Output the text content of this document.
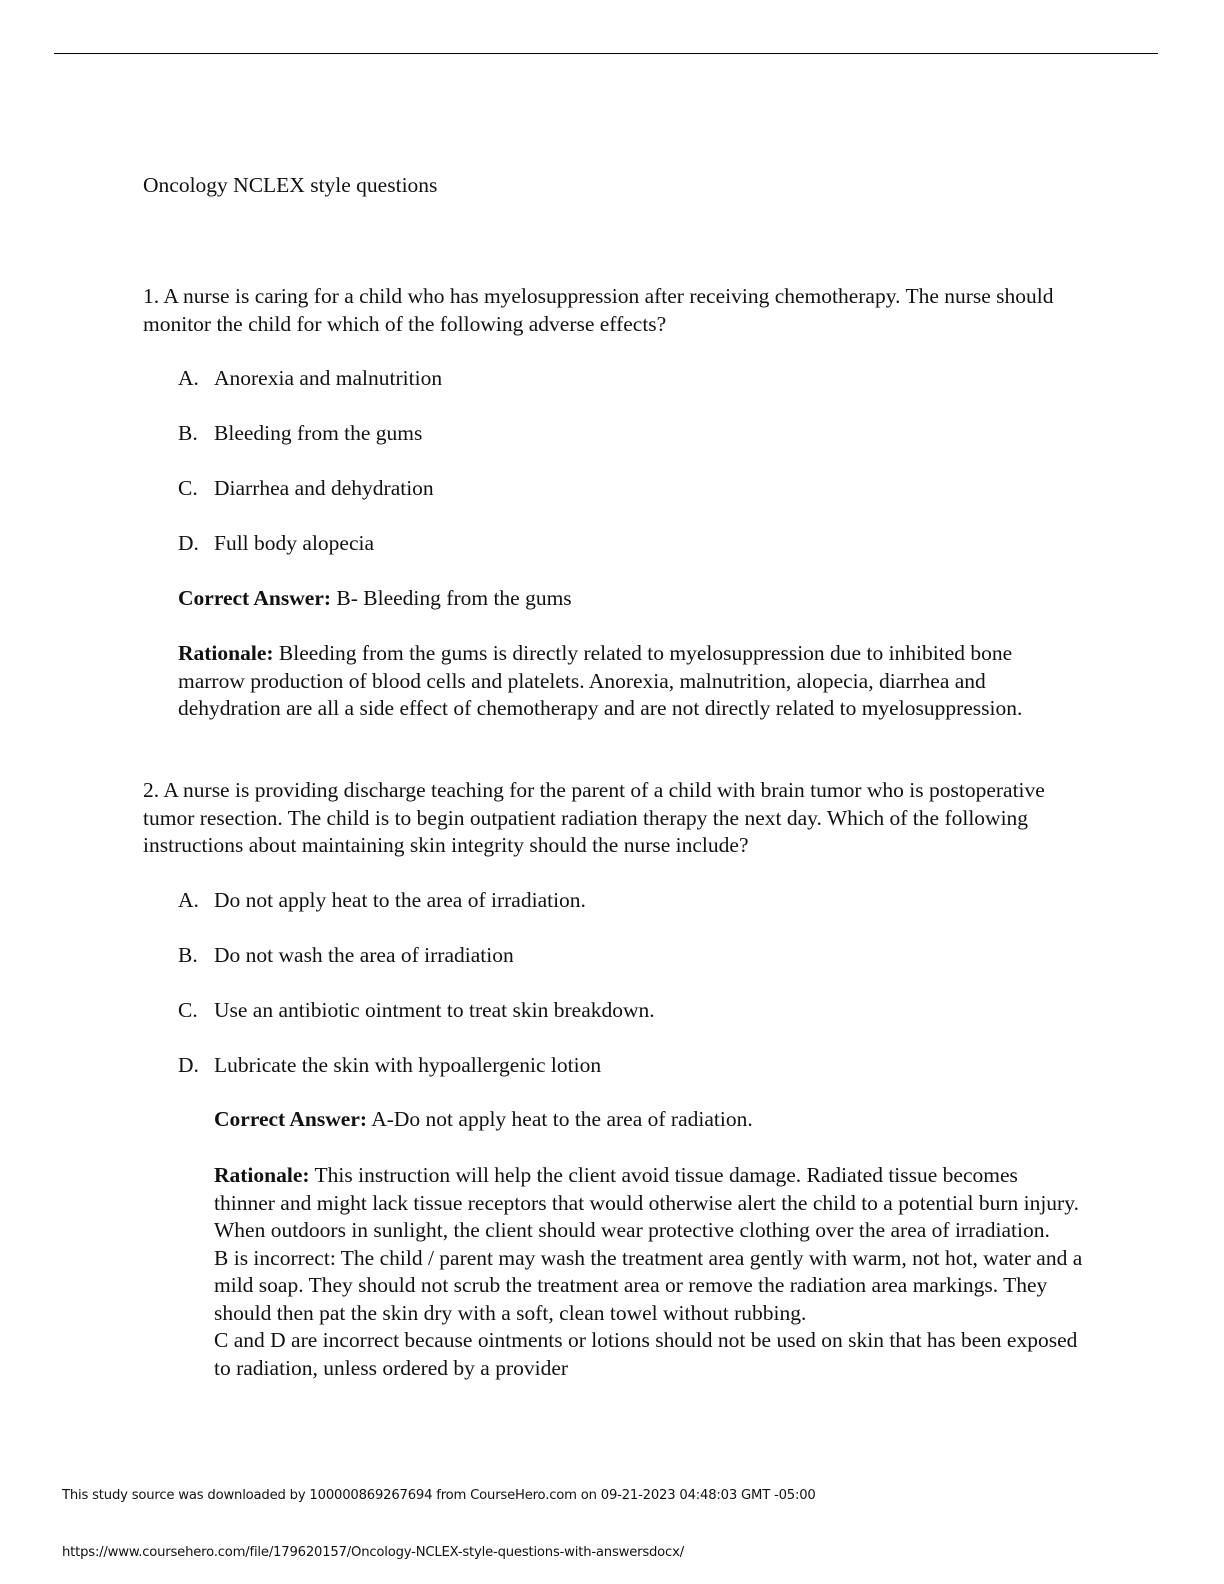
Oncology NCLEX style questions

1. A nurse is caring for a child who has myelosuppression after receiving chemotherapy. The nurse should monitor the child for which of the following adverse effects?

A. Anorexia and malnutrition
B. Bleeding from the gums
C. Diarrhea and dehydration
D. Full body alopecia

Correct Answer: B- Bleeding from the gums

Rationale: Bleeding from the gums is directly related to myelosuppression due to inhibited bone marrow production of blood cells and platelets. Anorexia, malnutrition, alopecia, diarrhea and dehydration are all a side effect of chemotherapy and are not directly related to myelosuppression.

2. A nurse is providing discharge teaching for the parent of a child with brain tumor who is postoperative tumor resection. The child is to begin outpatient radiation therapy the next day. Which of the following instructions about maintaining skin integrity should the nurse include?

A. Do not apply heat to the area of irradiation.
B. Do not wash the area of irradiation
C. Use an antibiotic ointment to treat skin breakdown.
D. Lubricate the skin with hypoallergenic lotion

Correct Answer: A-Do not apply heat to the area of radiation.

Rationale: This instruction will help the client avoid tissue damage. Radiated tissue becomes thinner and might lack tissue receptors that would otherwise alert the child to a potential burn injury. When outdoors in sunlight, the client should wear protective clothing over the area of irradiation.

B is incorrect: The child / parent may wash the treatment area gently with warm, not hot, water and a mild soap. They should not scrub the treatment area or remove the radiation area markings. They should then pat the skin dry with a soft, clean towel without rubbing.

C and D are incorrect because ointments or lotions should not be used on skin that has been exposed to radiation, unless ordered by a provider

This study source was downloaded by 100000869267694 from CourseHero.com on 09-21-2023 04:48:03 GMT -05:00
https://www.coursehero.com/file/179620157/Oncology-NCLEX-style-questions-with-answersdocx/
